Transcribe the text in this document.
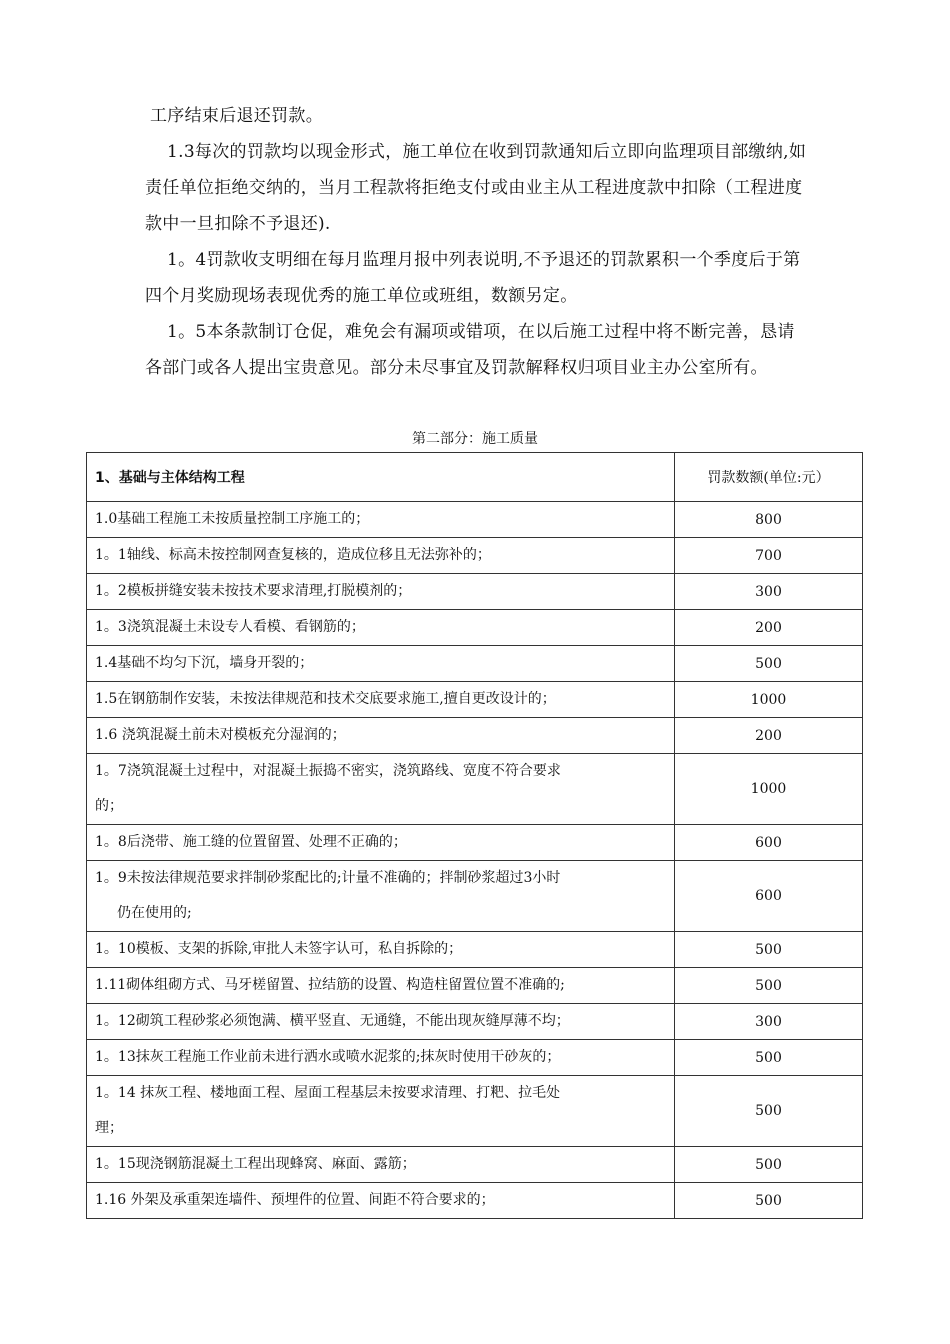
工序结束后退还罚款。
1.3每次的罚款均以现金形式，施工单位在收到罚款通知后立即向监理项目部缴纳,如责任单位拒绝交纳的，当月工程款将拒绝支付或由业主从工程进度款中扣除（工程进度款中一旦扣除不予退还).
1。4罚款收支明细在每月监理月报中列表说明,不予退还的罚款累积一个季度后于第四个月奖励现场表现优秀的施工单位或班组，数额另定。
1。5本条款制订仓促，难免会有漏项或错项，在以后施工过程中将不断完善，恳请各部门或各人提出宝贵意见。部分未尽事宜及罚款解释权归项目业主办公室所有。
第二部分：施工质量
1、基础与主体结构工程	罚款数额(单位:元）

1.0基础工程施工未按质量控制工序施工的；	800

1。1轴线、标高未按控制网查复核的，造成位移且无法弥补的；	700

1。2模板拼缝安装未按技术要求清理,打脱模剂的；	300

1。3浇筑混凝土未设专人看模、看钢筋的；	200

1.4基础不均匀下沉，墙身开裂的；	500

1.5在钢筋制作安装，未按法律规范和技术交底要求施工,擅自更改设计的；	1000

1.6 浇筑混凝土前未对模板充分湿润的；	200

1。7浇筑混凝土过程中，对混凝土振捣不密实，浇筑路线、宽度不符合要求
的；	1000

1。8后浇带、施工缝的位置留置、处理不正确的；	600

1。9未按法律规范要求拌制砂浆配比的;计量不准确的；拌制砂浆超过3小时
仍在使用的;	600

1。10模板、支架的拆除,审批人未签字认可，私自拆除的；	500

1.11砌体组砌方式、马牙槎留置、拉结筋的设置、构造柱留置位置不准确的;	500

1。12砌筑工程砂浆必须饱满、横平竖直、无通缝，不能出现灰缝厚薄不均；	300

1。13抹灰工程施工作业前未进行洒水或喷水泥浆的;抹灰时使用干砂灰的；	500

1。14 抹灰工程、楼地面工程、屋面工程基层未按要求清理、打粑、拉毛处
理；	500

1。15现浇钢筋混凝土工程出现蜂窝、麻面、露筋；	500

1.16 外架及承重架连墙件、预埋件的位置、间距不符合要求的；	500
